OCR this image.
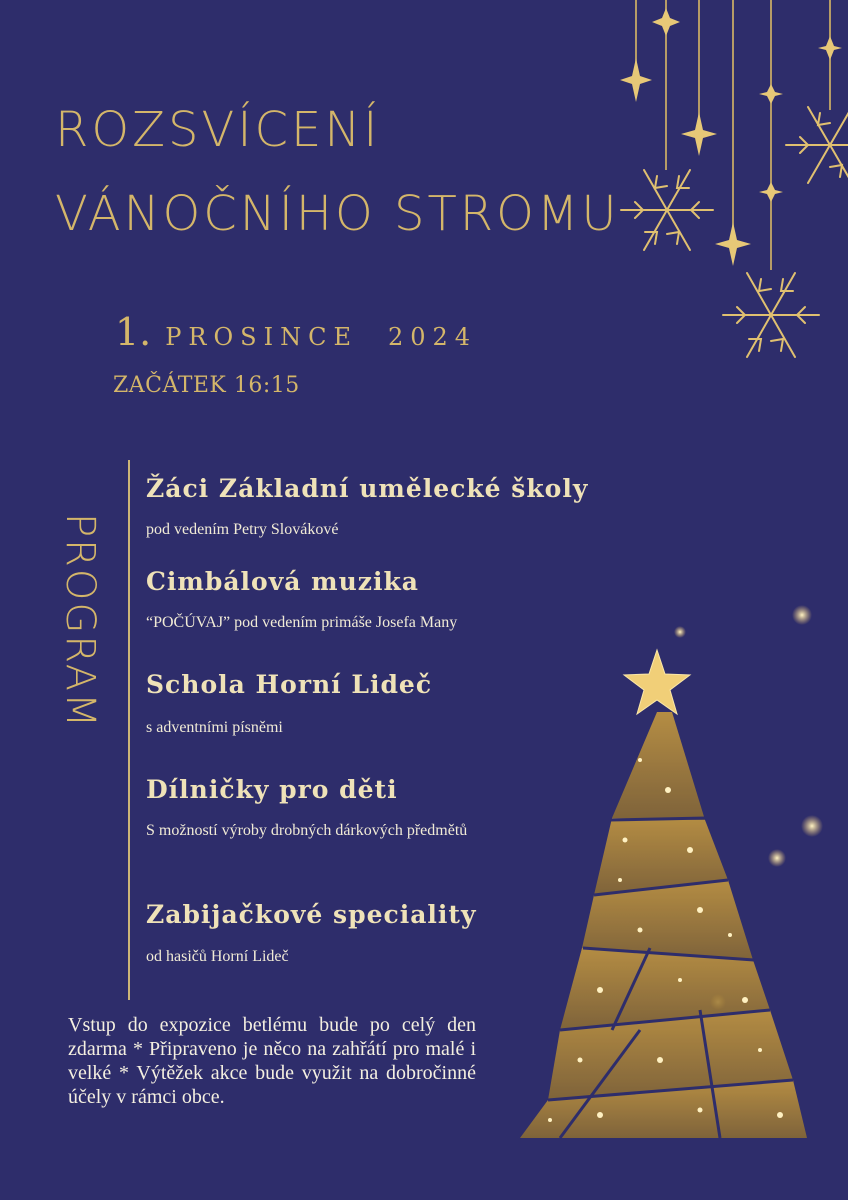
ROZSVÍCENÍ
VÁNOČNÍHO STROMU
1. PROSINCE 2024
ZAČÁTEK 16:15
PROGRAM
Žáci Základní umělecké školy
pod vedením Petry Slovákové
Cimbálová muzika
“POČÚVAJ” pod vedením primáše Josefa Many
Schola Horní Lideč
s adventními písněmi
Dílničky pro děti
S možností výroby drobných dárkových předmětů
Zabijačkové speciality
od hasičů Horní Lideč
Vstup do expozice betlému bude po celý den zdarma * Připraveno je něco na zahřátí pro malé i velké * Výtěžek akce bude využit na dobročinné účely v rámci obce.
